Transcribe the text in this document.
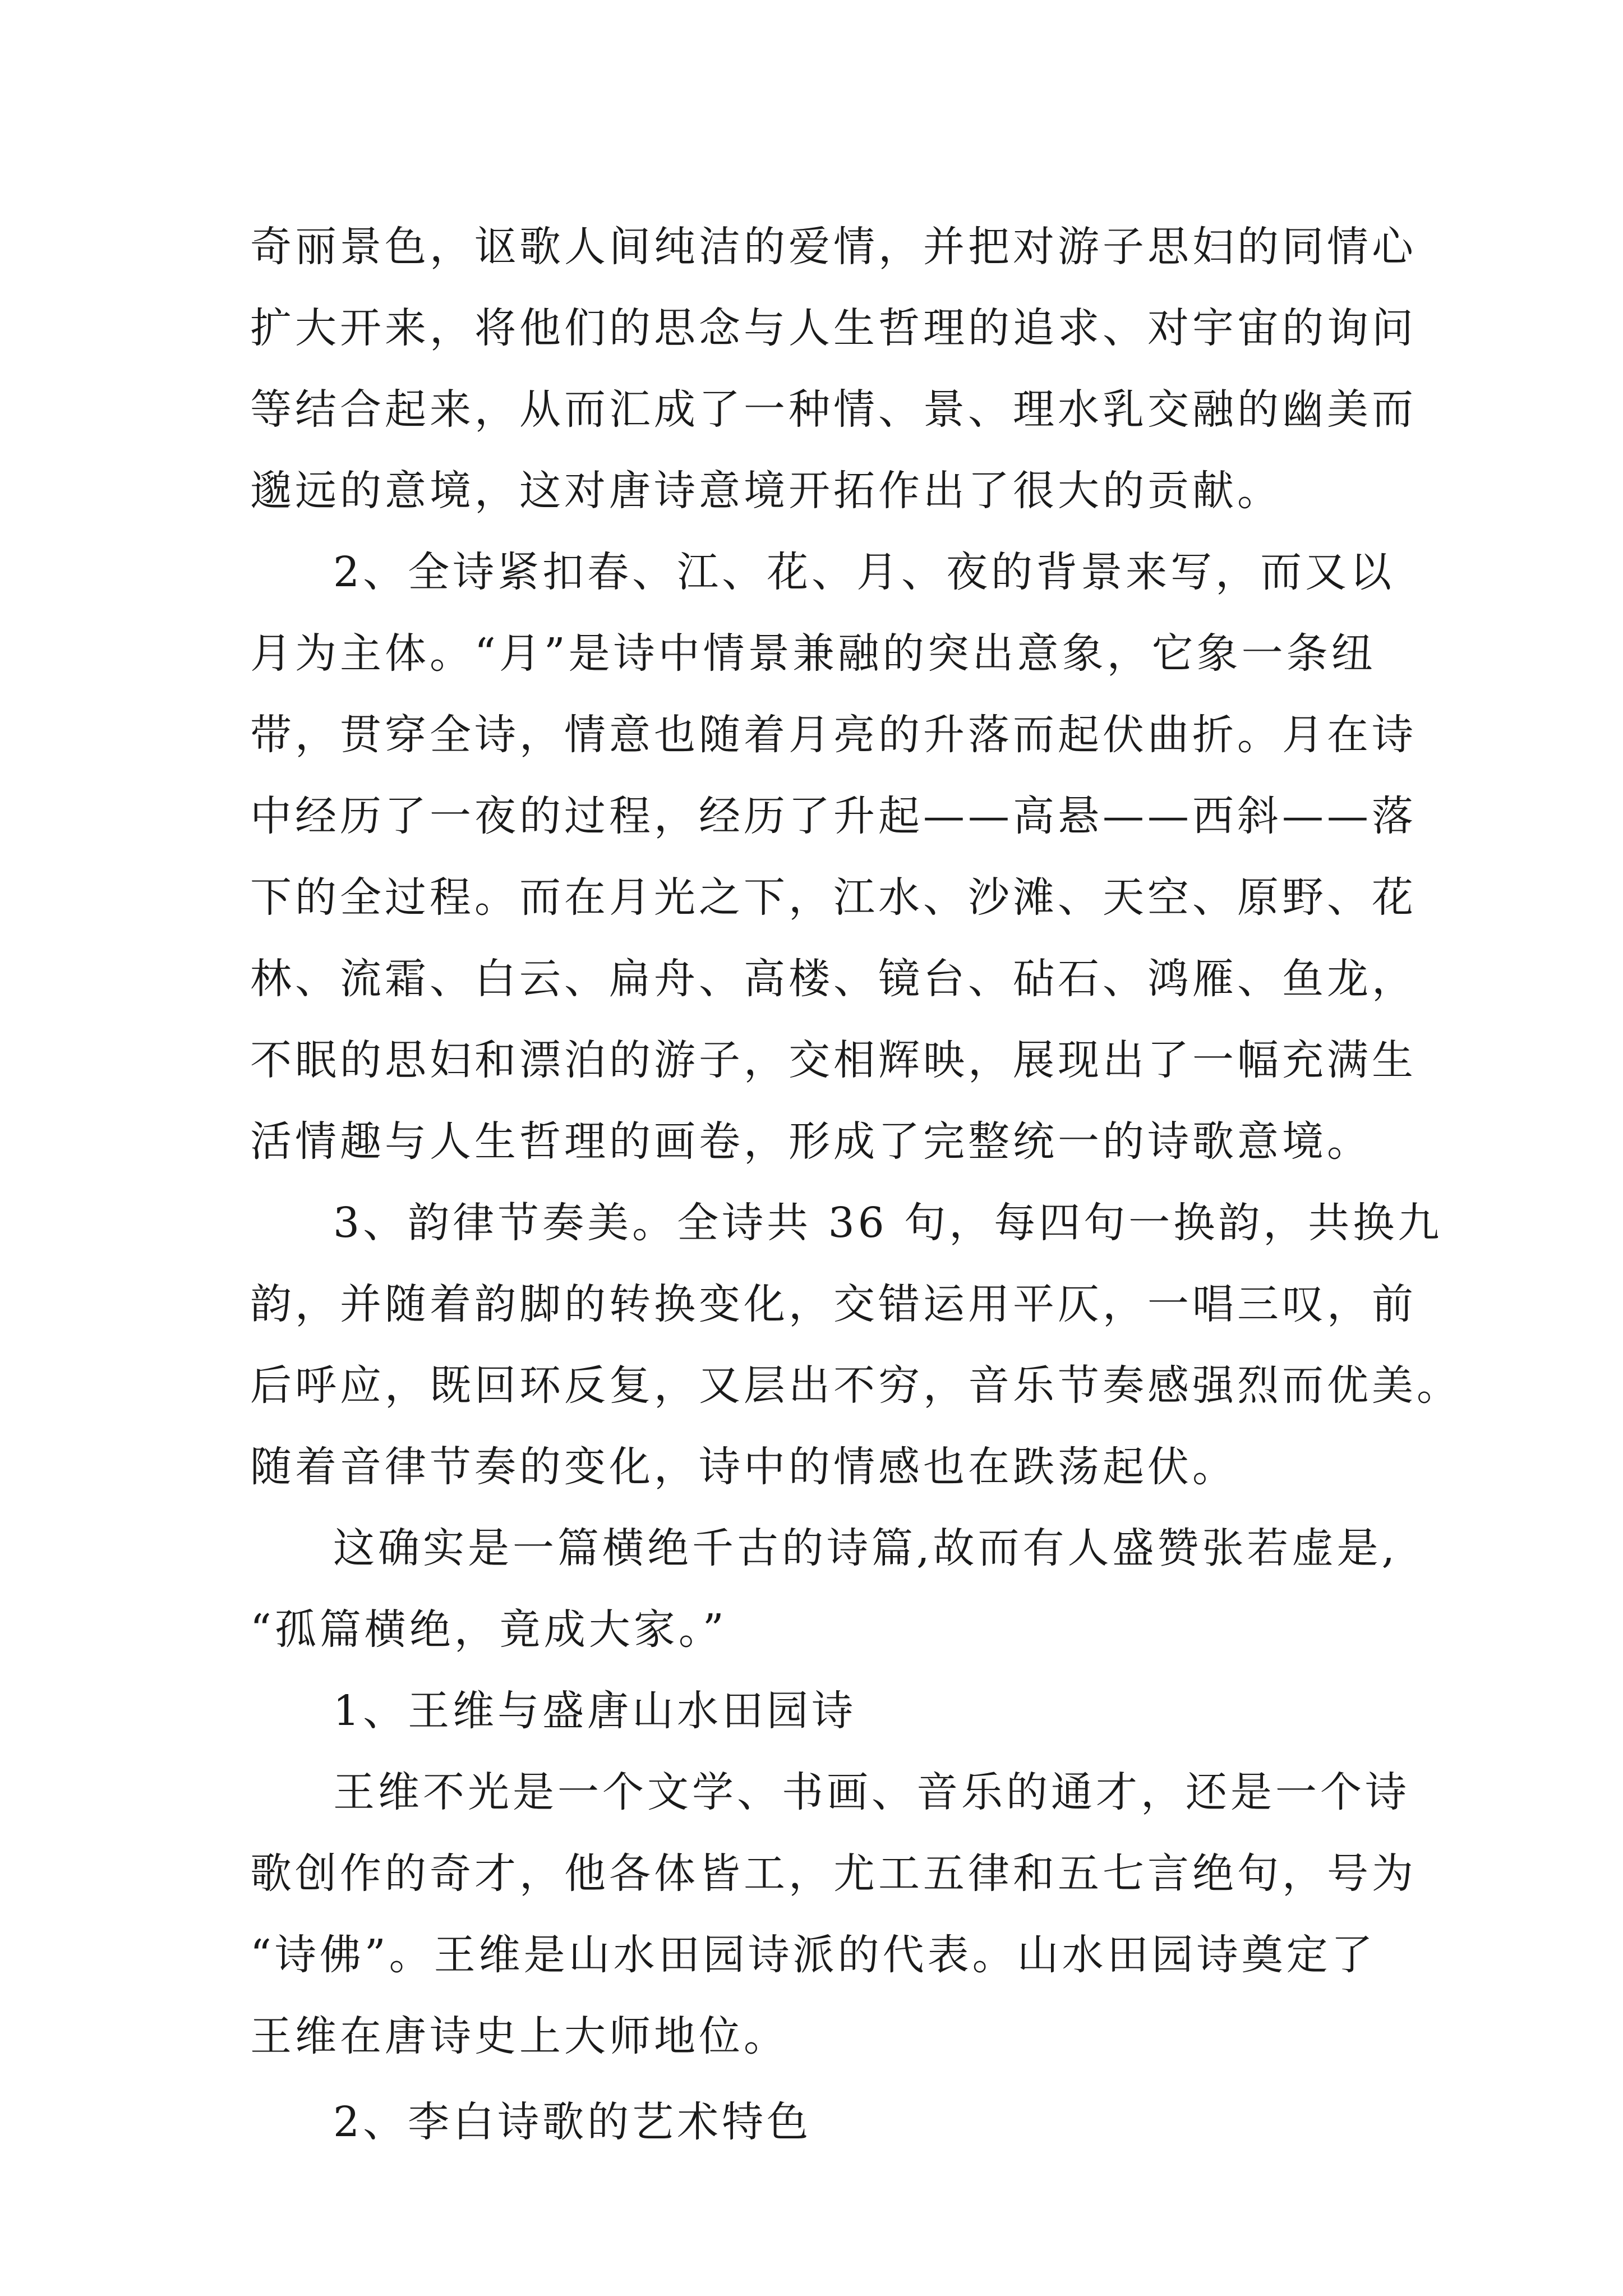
奇丽景色，讴歌人间纯洁的爱情，并把对游子思妇的同情心
扩大开来，将他们的思念与人生哲理的追求、对宇宙的询问
等结合起来，从而汇成了一种情、景、理水乳交融的幽美而
邈远的意境，这对唐诗意境开拓作出了很大的贡献。
2、全诗紧扣春、江、花、月、夜的背景来写，而又以
月为主体。“月”是诗中情景兼融的突出意象，它象一条纽
带，贯穿全诗，情意也随着月亮的升落而起伏曲折。月在诗
中经历了一夜的过程，经历了升起——高悬——西斜——落
下的全过程。而在月光之下，江水、沙滩、天空、原野、花
林、流霜、白云、扁舟、高楼、镜台、砧石、鸿雁、鱼龙，
不眠的思妇和漂泊的游子，交相辉映，展现出了一幅充满生
活情趣与人生哲理的画卷，形成了完整统一的诗歌意境。
3、韵律节奏美。全诗共 36 句，每四句一换韵，共换九
韵，并随着韵脚的转换变化，交错运用平仄，一唱三叹，前
后呼应，既回环反复，又层出不穷，音乐节奏感强烈而优美。
随着音律节奏的变化，诗中的情感也在跌荡起伏。
这确实是一篇横绝千古的诗篇,故而有人盛赞张若虚是,
“孤篇横绝，竟成大家。”
1、王维与盛唐山水田园诗
王维不光是一个文学、书画、音乐的通才，还是一个诗
歌创作的奇才，他各体皆工，尤工五律和五七言绝句，号为
“诗佛”。王维是山水田园诗派的代表。山水田园诗奠定了
王维在唐诗史上大师地位。
2、李白诗歌的艺术特色
